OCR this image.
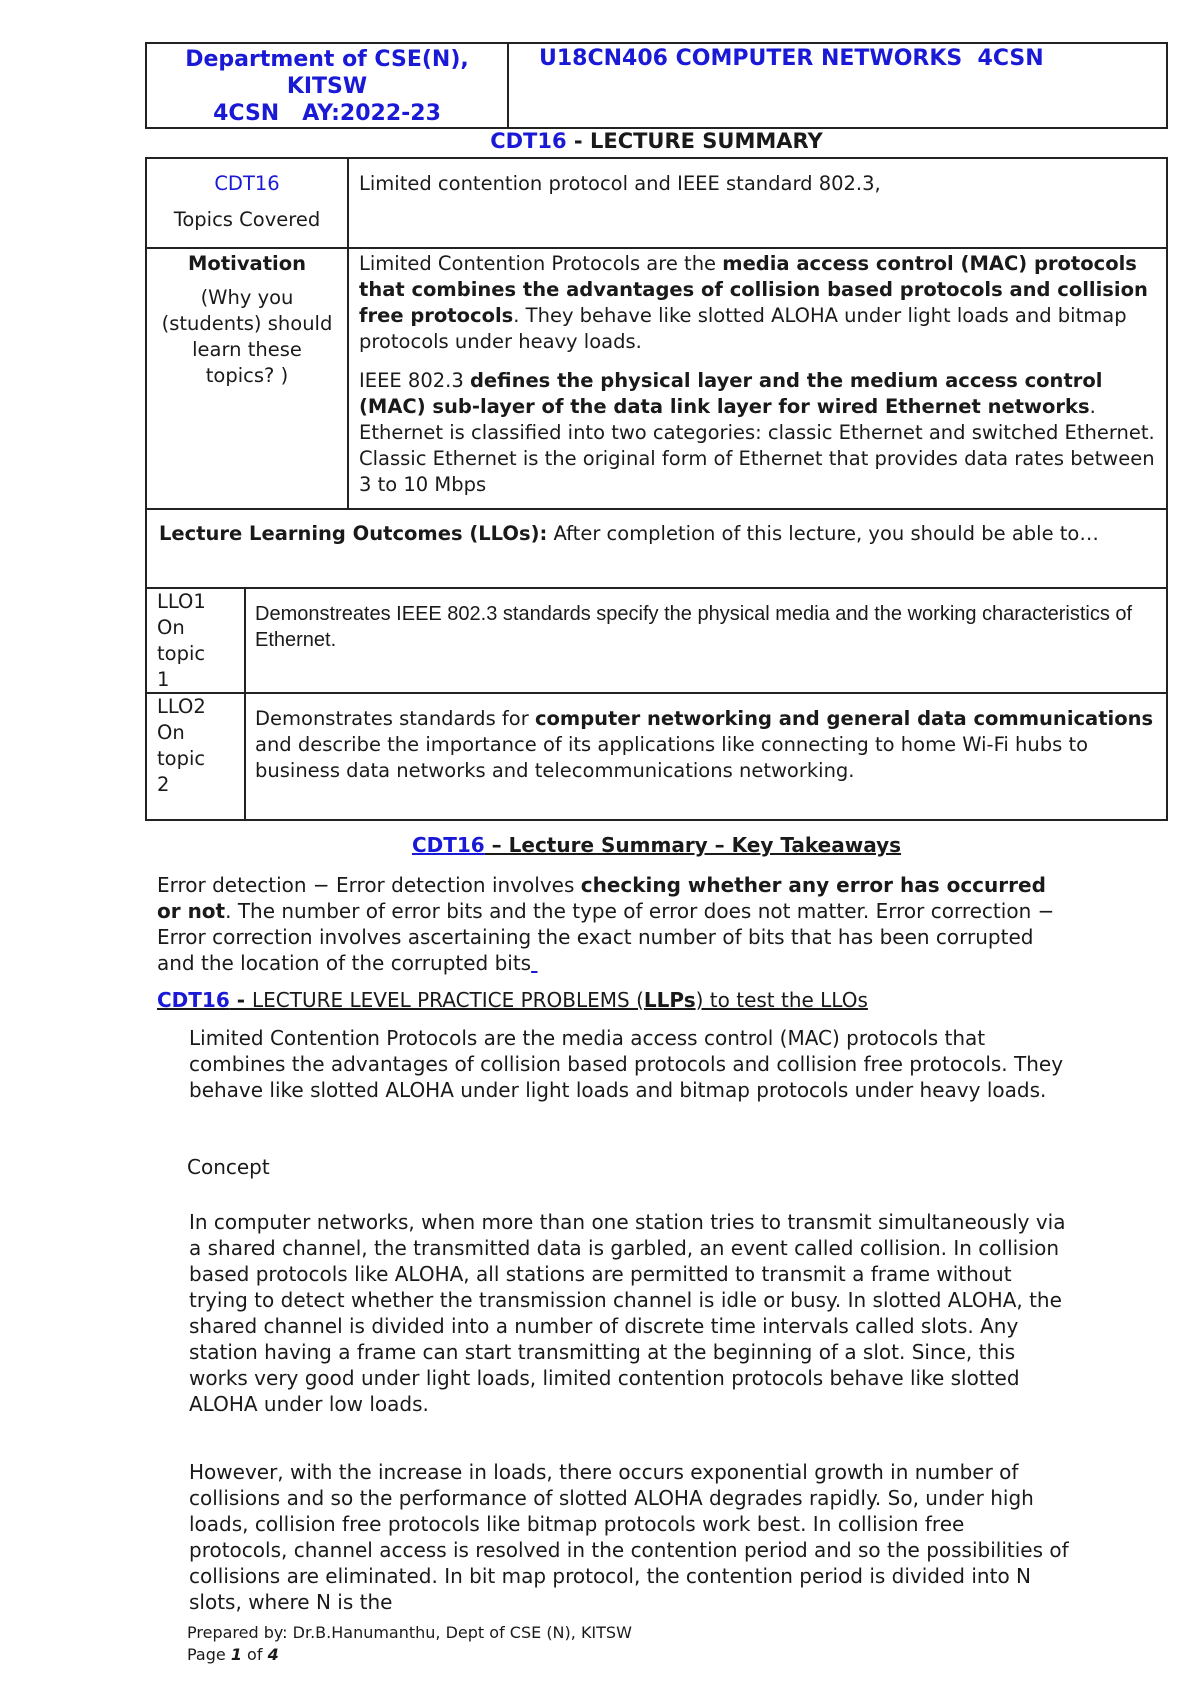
Department of CSE(N),
KITSW
4CSN   AY:2022-23
U18CN406 COMPUTER NETWORKS  4CSN
CDT16 - LECTURE SUMMARY
CDT16
Topics Covered
Limited contention protocol and IEEE standard 802.3,
Motivation
(Why you (students) should learn these topics? )
Limited Contention Protocols are the media access control (MAC) protocols that combines the advantages of collision based protocols and collision free protocols. They behave like slotted ALOHA under light loads and bitmap protocols under heavy loads.
IEEE 802.3 defines the physical layer and the medium access control (MAC) sub-layer of the data link layer for wired Ethernet networks. Ethernet is classified into two categories: classic Ethernet and switched Ethernet. Classic Ethernet is the original form of Ethernet that provides data rates between 3 to 10 Mbps
Lecture Learning Outcomes (LLOs): After completion of this lecture, you should be able to…
LLO1
On
topic
1
Demonstreates IEEE 802.3 standards specify the physical media and the working characteristics of Ethernet.
LLO2
On
topic
2
Demonstrates standards for computer networking and general data communications and describe the importance of its applications like connecting to home Wi-Fi hubs to business data networks and telecommunications networking.
CDT16 – Lecture Summary – Key Takeaways
Error detection − Error detection involves checking whether any error has occurred or not. The number of error bits and the type of error does not matter. Error correction − Error correction involves ascertaining the exact number of bits that has been corrupted and the location of the corrupted bits
CDT16 - LECTURE LEVEL PRACTICE PROBLEMS (LLPs) to test the LLOs
Limited Contention Protocols are the media access control (MAC) protocols that combines the advantages of collision based protocols and collision free protocols. They behave like slotted ALOHA under light loads and bitmap protocols under heavy loads.
Concept
In computer networks, when more than one station tries to transmit simultaneously via a shared channel, the transmitted data is garbled, an event called collision. In collision based protocols like ALOHA, all stations are permitted to transmit a frame without trying to detect whether the transmission channel is idle or busy. In slotted ALOHA, the shared channel is divided into a number of discrete time intervals called slots. Any station having a frame can start transmitting at the beginning of a slot. Since, this works very good under light loads, limited contention protocols behave like slotted ALOHA under low loads.
However, with the increase in loads, there occurs exponential growth in number of collisions and so the performance of slotted ALOHA degrades rapidly. So, under high loads, collision free protocols like bitmap protocols work best. In collision free protocols, channel access is resolved in the contention period and so the possibilities of collisions are eliminated. In bit map protocol, the contention period is divided into N slots, where N is the
Prepared by: Dr.B.Hanumanthu, Dept of CSE (N), KITSW
Page 1 of 4
